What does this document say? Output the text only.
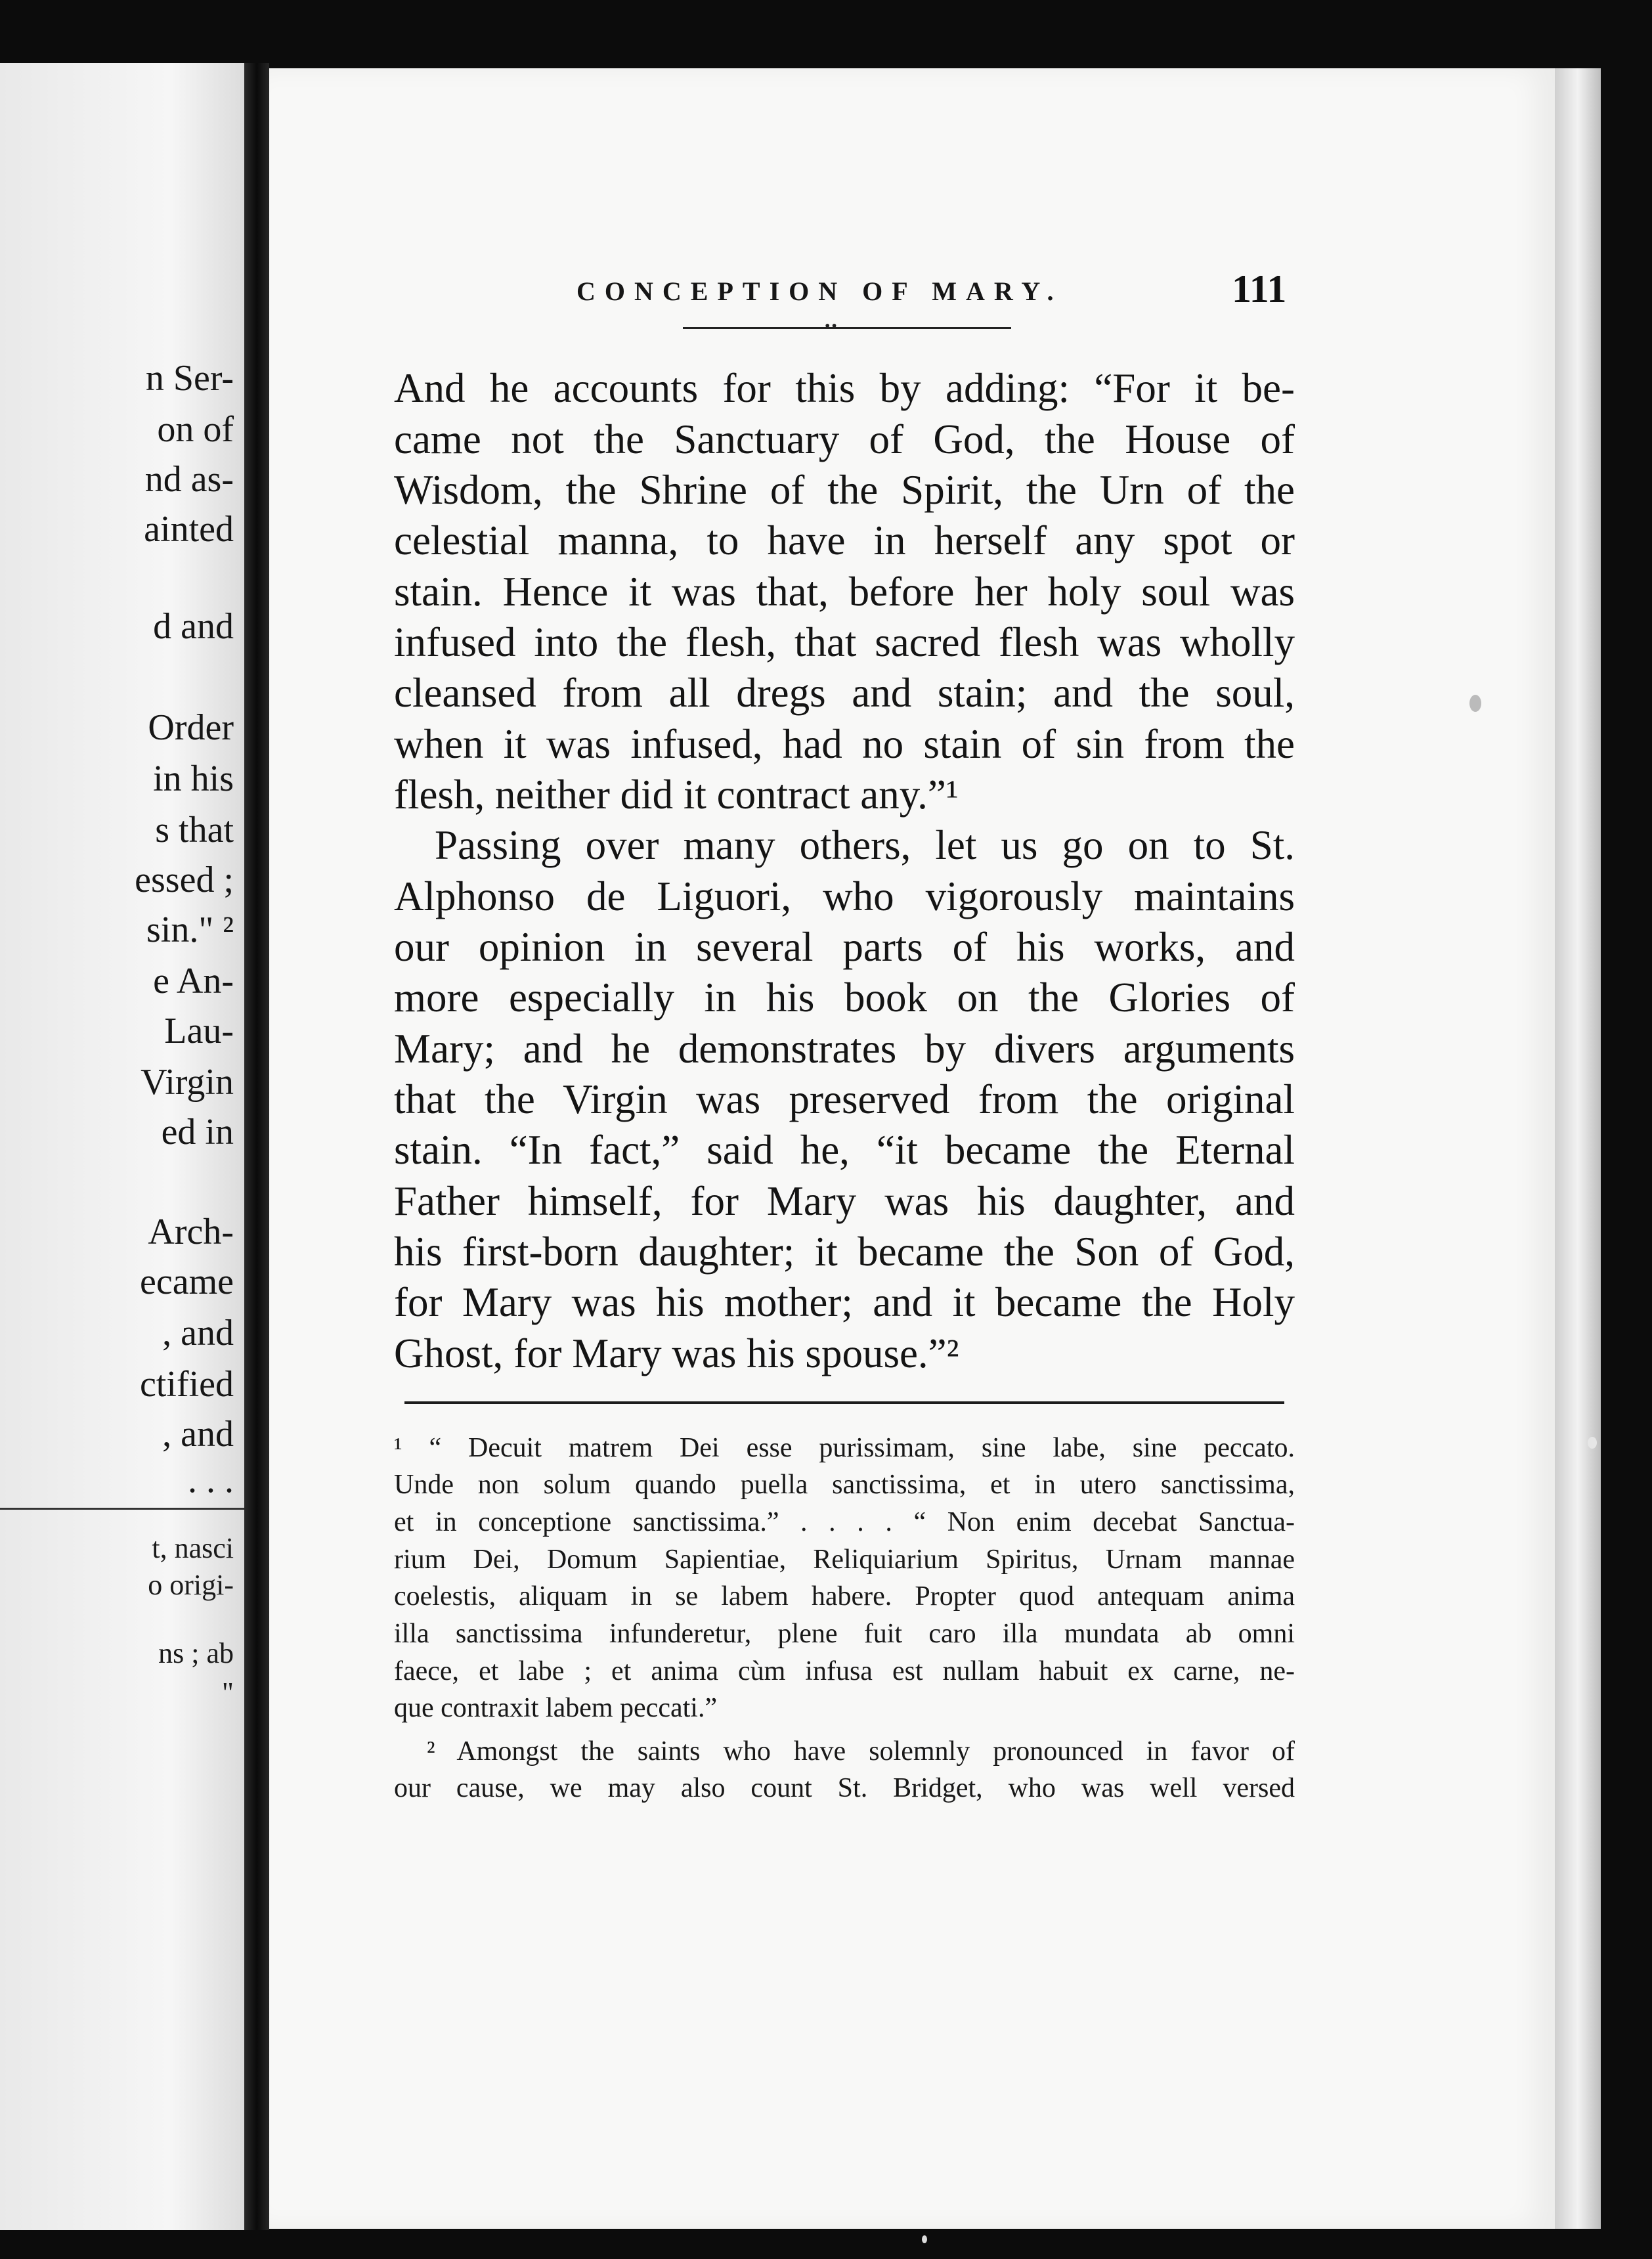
n Ser-

on of

nd as-

ainted

d and

Order

in his

s that

essed ;

sin." ²

e An-

Lau-

Virgin

ed in

Arch-

ecame

, and

ctified

, and

. . .

t, nasci

o origi-

ns ; ab

"

CONCEPTION OF MARY.	111

••

And he accounts for this by adding: “For it be-

came not the Sanctuary of God, the House of

Wisdom, the Shrine of the Spirit, the Urn of the

celestial manna, to have in herself any spot or

stain. Hence it was that, before her holy soul was

infused into the flesh, that sacred flesh was wholly

cleansed from all dregs and stain; and the soul,

when it was infused, had no stain of sin from the

flesh, neither did it contract any.”¹

Passing over many others, let us go on to St.

Alphonso de Liguori, who vigorously maintains

our opinion in several parts of his works, and

more especially in his book on the Glories of

Mary; and he demonstrates by divers arguments

that the Virgin was preserved from the original

stain. “In fact,” said he, “it became the Eternal

Father himself, for Mary was his daughter, and

his first-born daughter; it became the Son of God,

for Mary was his mother; and it became the Holy

Ghost, for Mary was his spouse.”²

¹ “ Decuit matrem Dei esse purissimam, sine labe, sine peccato.

Unde non solum quando puella sanctissima, et in utero sanctissima,

et in conceptione sanctissima.” . . . . “ Non enim decebat Sanctua-

rium Dei, Domum Sapientiae, Reliquiarium Spiritus, Urnam mannae

coelestis, aliquam in se labem habere. Propter quod antequam anima

illa sanctissima infunderetur, plene fuit caro illa mundata ab omni

faece, et labe ; et anima cùm infusa est nullam habuit ex carne, ne-

que contraxit labem peccati.”

² Amongst the saints who have solemnly pronounced in favor of

our cause, we may also count St. Bridget, who was well versed
